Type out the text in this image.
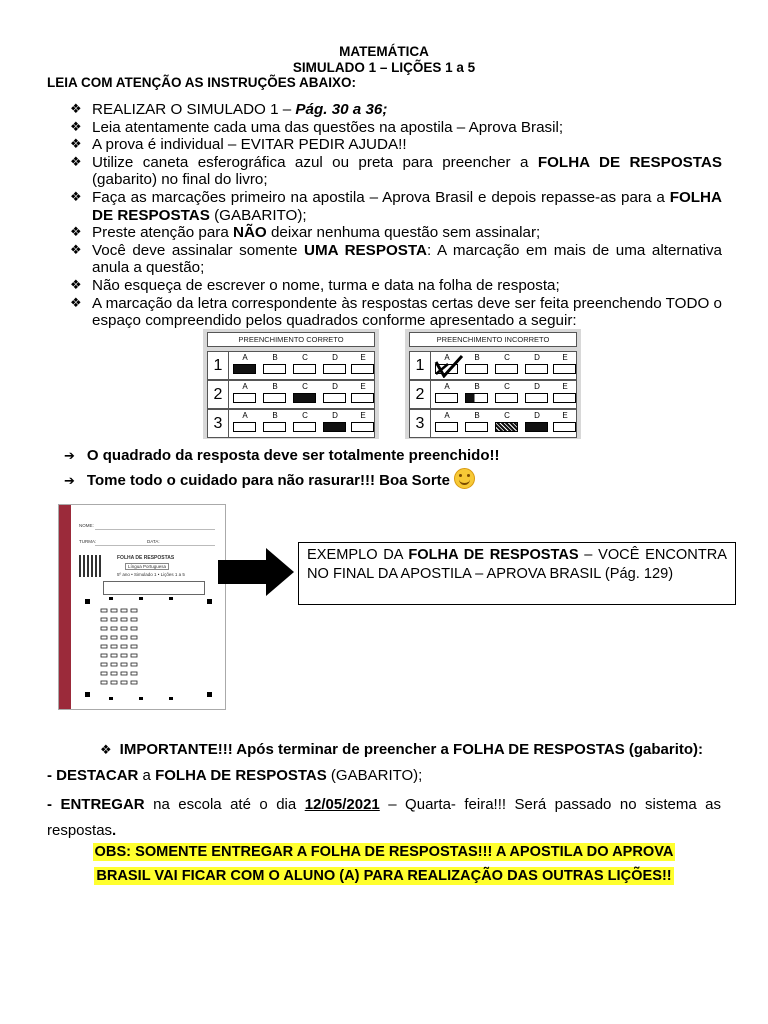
MATEMÁTICA
SIMULADO 1 – LIÇÕES 1 a 5
LEIA COM ATENÇÃO AS INSTRUÇÕES ABAIXO:
❖ REALIZAR O SIMULADO 1 – Pág. 30 a 36;
❖ Leia atentamente cada uma das questões na apostila – Aprova Brasil;
❖ A prova é individual – EVITAR PEDIR AJUDA!!
❖ Utilize caneta esferográfica azul ou preta para preencher a FOLHA DE RESPOSTAS (gabarito) no final do livro;
❖ Faça as marcações primeiro na apostila – Aprova Brasil e depois repasse-as para a FOLHA DE RESPOSTAS (GABARITO);
❖ Preste atenção para NÃO deixar nenhuma questão sem assinalar;
❖ Você deve assinalar somente UMA RESPOSTA: A marcação em mais de uma alternativa anula a questão;
❖ Não esqueça de escrever o nome, turma e data na folha de resposta;
❖ A marcação da letra correspondente às respostas certas deve ser feita preenchendo TODO o espaço compreendido pelos quadrados conforme apresentado a seguir:
PREENCHIMENTO CORRETO
1	A	B	C	D	E
2	A	B	C	D	E
3	A	B	C	D	E
PREENCHIMENTO INCORRETO
1	A	B	C	D	E
2	A	B	C	D	E
3	A	B	C	D	E
➔ O quadrado da resposta deve ser totalmente preenchido!!
➔ Tome todo o cuidado para não rasurar!!! Boa Sorte
NOME:
TURMA:	DATA:
FOLHA DE RESPOSTAS
Língua Portuguesa
5º ano • Simulado 1 • Lições 1 a 5
EXEMPLO DA FOLHA DE RESPOSTAS – VOCÊ ENCONTRA NO FINAL DA APOSTILA – APROVA BRASIL (Pág. 129)
❖ IMPORTANTE!!! Após terminar de preencher a FOLHA DE RESPOSTAS (gabarito):
- DESTACAR a FOLHA DE RESPOSTAS (GABARITO);
- ENTREGAR na escola até o dia 12/05/2021 – Quarta- feira!!! Será passado no sistema as respostas.
OBS: SOMENTE ENTREGAR A FOLHA DE RESPOSTAS!!! A APOSTILA DO APROVA
BRASIL VAI FICAR COM O ALUNO (A) PARA REALIZAÇÃO DAS OUTRAS LIÇÕES!!
